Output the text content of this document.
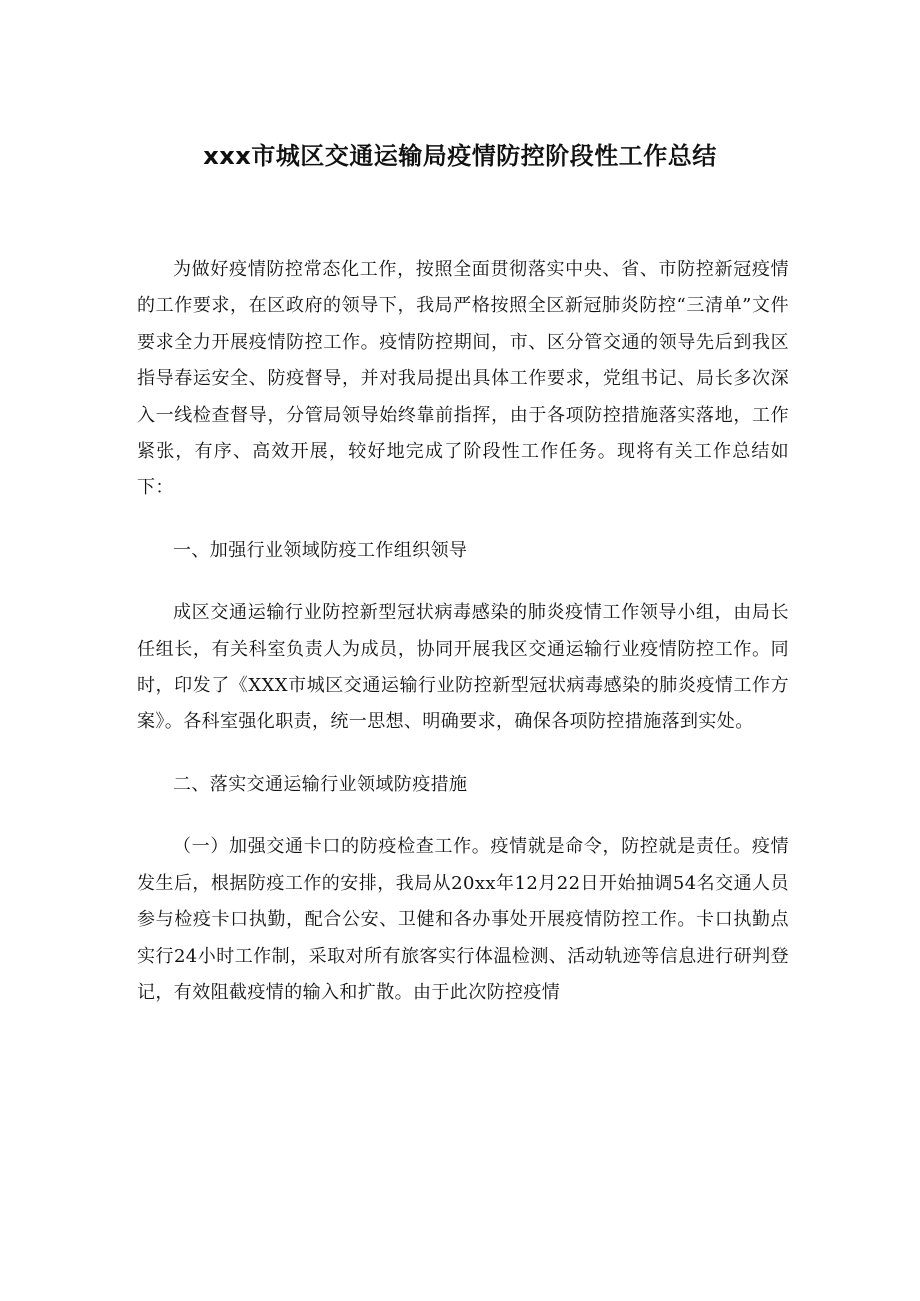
xxx市城区交通运输局疫情防控阶段性工作总结

为做好疫情防控常态化工作，按照全面贯彻落实中央、省、市防控新冠疫情的工作要求，在区政府的领导下，我局严格按照全区新冠肺炎防控“三清单”文件要求全力开展疫情防控工作。疫情防控期间，市、区分管交通的领导先后到我区指导春运安全、防疫督导，并对我局提出具体工作要求，党组书记、局长多次深入一线检查督导，分管局领导始终靠前指挥，由于各项防控措施落实落地，工作紧张，有序、高效开展，较好地完成了阶段性工作任务。现将有关工作总结如下：

一、加强行业领域防疫工作组织领导

成区交通运输行业防控新型冠状病毒感染的肺炎疫情工作领导小组，由局长任组长，有关科室负责人为成员，协同开展我区交通运输行业疫情防控工作。同时，印发了《XXX市城区交通运输行业防控新型冠状病毒感染的肺炎疫情工作方案》。各科室强化职责，统一思想、明确要求，确保各项防控措施落到实处。

二、落实交通运输行业领域防疫措施

（一）加强交通卡口的防疫检查工作。疫情就是命令，防控就是责任。疫情发生后，根据防疫工作的安排，我局从20xx年12月22日开始抽调54名交通人员参与检疫卡口执勤，配合公安、卫健和各办事处开展疫情防控工作。卡口执勤点实行24小时工作制，采取对所有旅客实行体温检测、活动轨迹等信息进行研判登记，有效阻截疫情的输入和扩散。由于此次防控疫情
